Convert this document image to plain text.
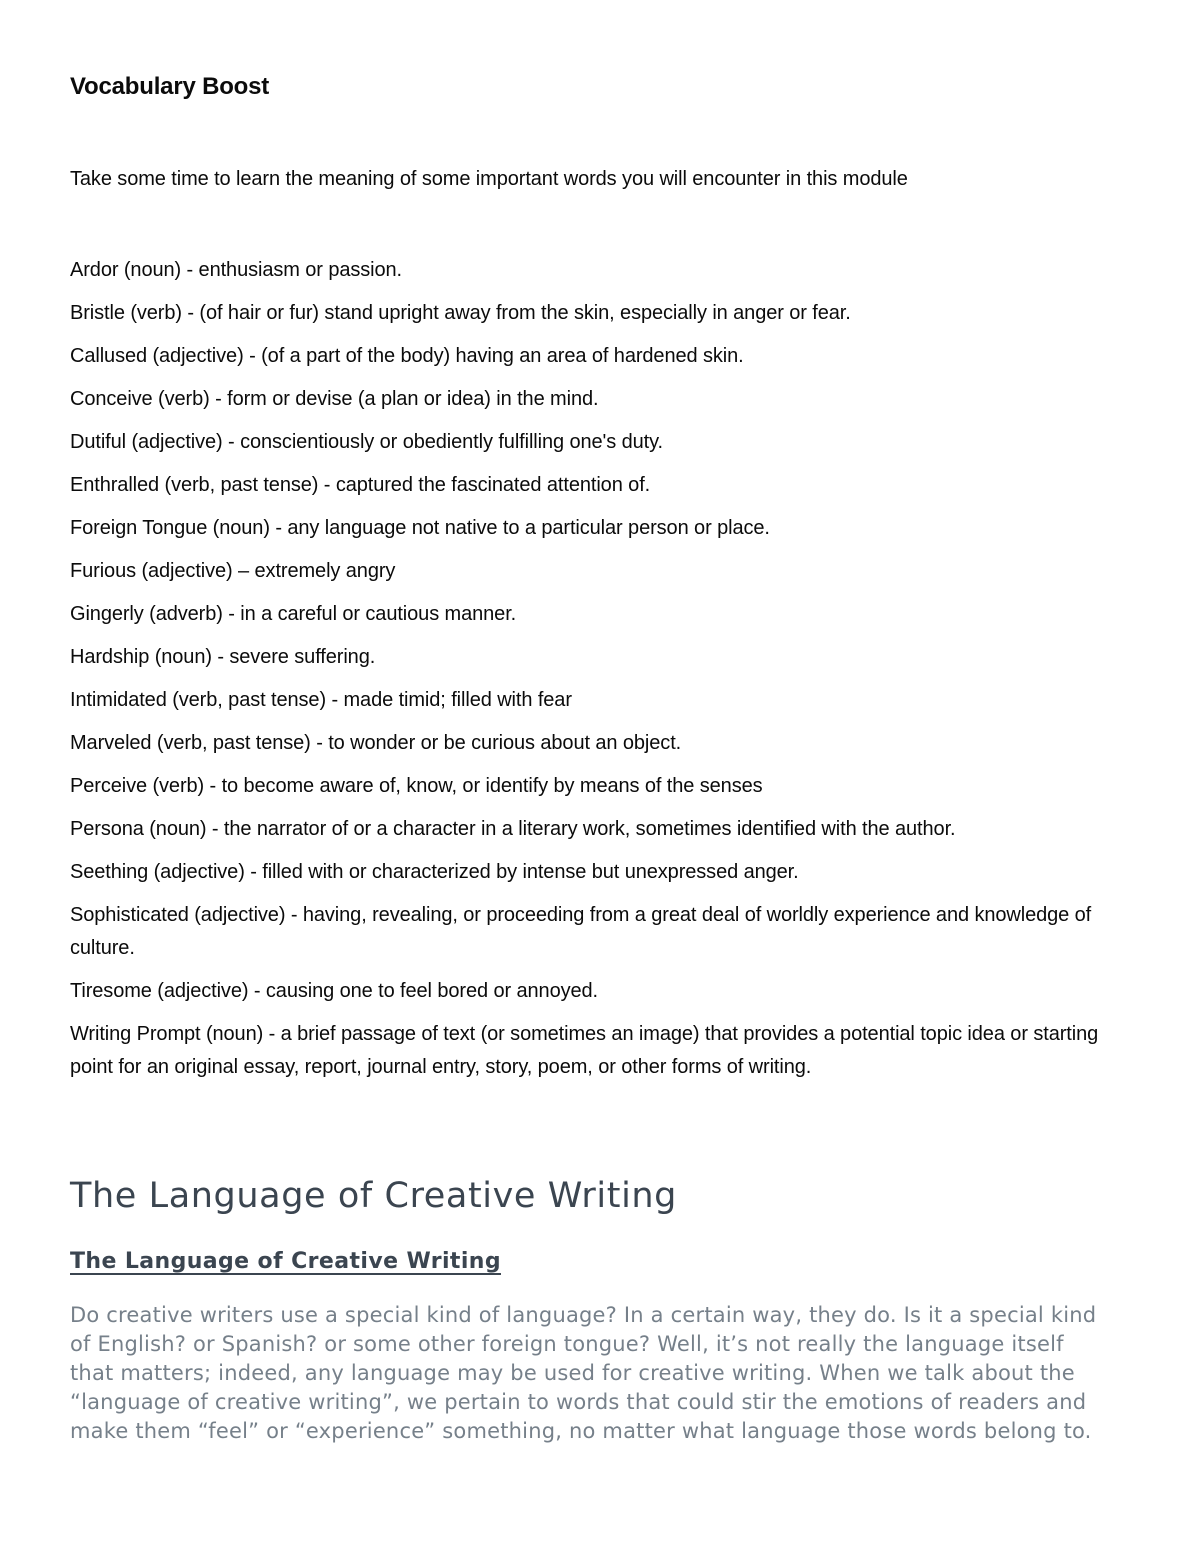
Vocabulary Boost

Take some time to learn the meaning of some important words you will encounter in this module

Ardor (noun) - enthusiasm or passion.

Bristle (verb) - (of hair or fur) stand upright away from the skin, especially in anger or fear.

Callused (adjective) - (of a part of the body) having an area of hardened skin.

Conceive (verb) - form or devise (a plan or idea) in the mind.

Dutiful (adjective) - conscientiously or obediently fulfilling one's duty.

Enthralled (verb, past tense) - captured the fascinated attention of.

Foreign Tongue (noun) - any language not native to a particular person or place.

Furious (adjective) – extremely angry

Gingerly (adverb) - in a careful or cautious manner.

Hardship (noun) - severe suffering.

Intimidated (verb, past tense) - made timid; filled with fear

Marveled (verb, past tense) - to wonder or be curious about an object.

Perceive (verb) - to become aware of, know, or identify by means of the senses

Persona (noun) - the narrator of or a character in a literary work, sometimes identified with the author.

Seething (adjective) - filled with or characterized by intense but unexpressed anger.

Sophisticated (adjective) - having, revealing, or proceeding from a great deal of worldly experience and knowledge of culture.

Tiresome (adjective) - causing one to feel bored or annoyed.

Writing Prompt (noun) - a brief passage of text (or sometimes an image) that provides a potential topic idea or starting point for an original essay, report, journal entry, story, poem, or other forms of writing.

The Language of Creative Writing
The Language of Creative Writing

Do creative writers use a special kind of language? In a certain way, they do. Is it a special kind of English? or Spanish? or some other foreign tongue? Well, it’s not really the language itself that matters; indeed, any language may be used for creative writing. When we talk about the “language of creative writing”, we pertain to words that could stir the emotions of readers and make them “feel” or “experience” something, no matter what language those words belong to.
